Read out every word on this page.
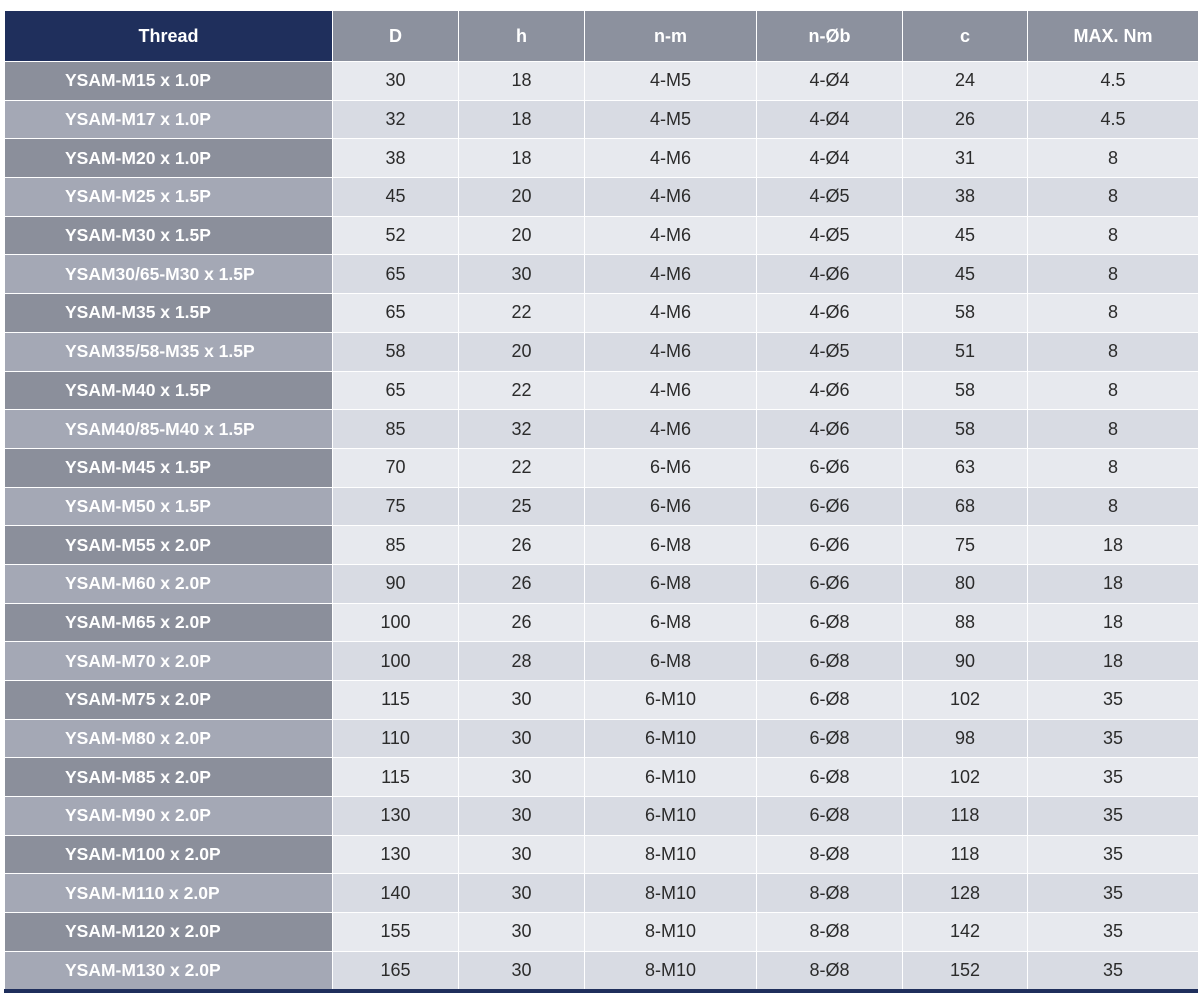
Thread	D	h	n-m	n-Øb	c	MAX. Nm
YSAM-M15 x 1.0P	30	18	4-M5	4-Ø4	24	4.5
YSAM-M17 x 1.0P	32	18	4-M5	4-Ø4	26	4.5
YSAM-M20 x 1.0P	38	18	4-M6	4-Ø4	31	8
YSAM-M25 x 1.5P	45	20	4-M6	4-Ø5	38	8
YSAM-M30 x 1.5P	52	20	4-M6	4-Ø5	45	8
YSAM30/65-M30 x 1.5P	65	30	4-M6	4-Ø6	45	8
YSAM-M35 x 1.5P	65	22	4-M6	4-Ø6	58	8
YSAM35/58-M35 x 1.5P	58	20	4-M6	4-Ø5	51	8
YSAM-M40 x 1.5P	65	22	4-M6	4-Ø6	58	8
YSAM40/85-M40 x 1.5P	85	32	4-M6	4-Ø6	58	8
YSAM-M45 x 1.5P	70	22	6-M6	6-Ø6	63	8
YSAM-M50 x 1.5P	75	25	6-M6	6-Ø6	68	8
YSAM-M55 x 2.0P	85	26	6-M8	6-Ø6	75	18
YSAM-M60 x 2.0P	90	26	6-M8	6-Ø6	80	18
YSAM-M65 x 2.0P	100	26	6-M8	6-Ø8	88	18
YSAM-M70 x 2.0P	100	28	6-M8	6-Ø8	90	18
YSAM-M75 x 2.0P	115	30	6-M10	6-Ø8	102	35
YSAM-M80 x 2.0P	110	30	6-M10	6-Ø8	98	35
YSAM-M85 x 2.0P	115	30	6-M10	6-Ø8	102	35
YSAM-M90 x 2.0P	130	30	6-M10	6-Ø8	118	35
YSAM-M100 x 2.0P	130	30	8-M10	8-Ø8	118	35
YSAM-M110 x 2.0P	140	30	8-M10	8-Ø8	128	35
YSAM-M120 x 2.0P	155	30	8-M10	8-Ø8	142	35
YSAM-M130 x 2.0P	165	30	8-M10	8-Ø8	152	35
